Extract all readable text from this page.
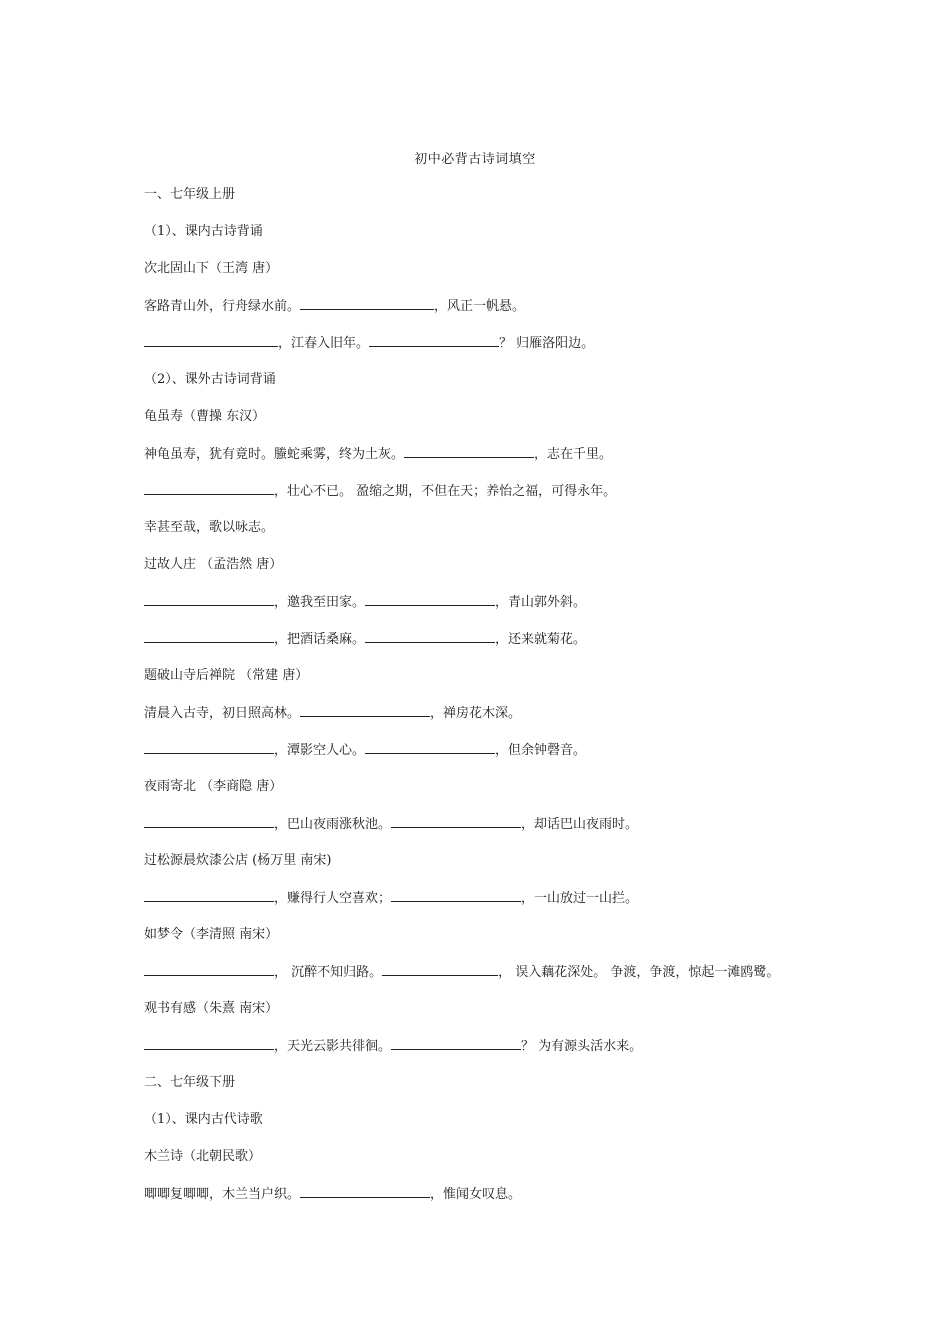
初中必背古诗词填空
一、七年级上册
（1）、课内古诗背诵
次北固山下（王湾 唐）
客路青山外，行舟绿水前。	，风正一帆悬。
，江春入旧年。	？ 归雁洛阳边。
（2）、课外古诗词背诵
龟虽寿（曹操 东汉）
神龟虽寿，犹有竟时。螣蛇乘雾，终为土灰。	，志在千里。
，壮心不已。 盈缩之期，不但在天；养怡之福，可得永年。
幸甚至哉，歌以咏志。
过故人庄 （孟浩然 唐）
，邀我至田家。	，青山郭外斜。
，把酒话桑麻。	，还来就菊花。
题破山寺后禅院 （常建 唐）
清晨入古寺，初日照高林。	，禅房花木深。
，潭影空人心。	，但余钟磬音。
夜雨寄北 （李商隐 唐）
，巴山夜雨涨秋池。	，却话巴山夜雨时。
过松源晨炊漆公店 (杨万里 南宋)
，赚得行人空喜欢；	，一山放过一山拦。
如梦令（李清照 南宋）
， 沉醉不知归路。	， 误入藕花深处。 争渡，争渡，惊起一滩鸥鹭。
观书有感（朱熹 南宋）
，天光云影共徘徊。	？ 为有源头活水来。
二、七年级下册
（1）、课内古代诗歌
木兰诗（北朝民歌）
唧唧复唧唧，木兰当户织。	，惟闻女叹息。
